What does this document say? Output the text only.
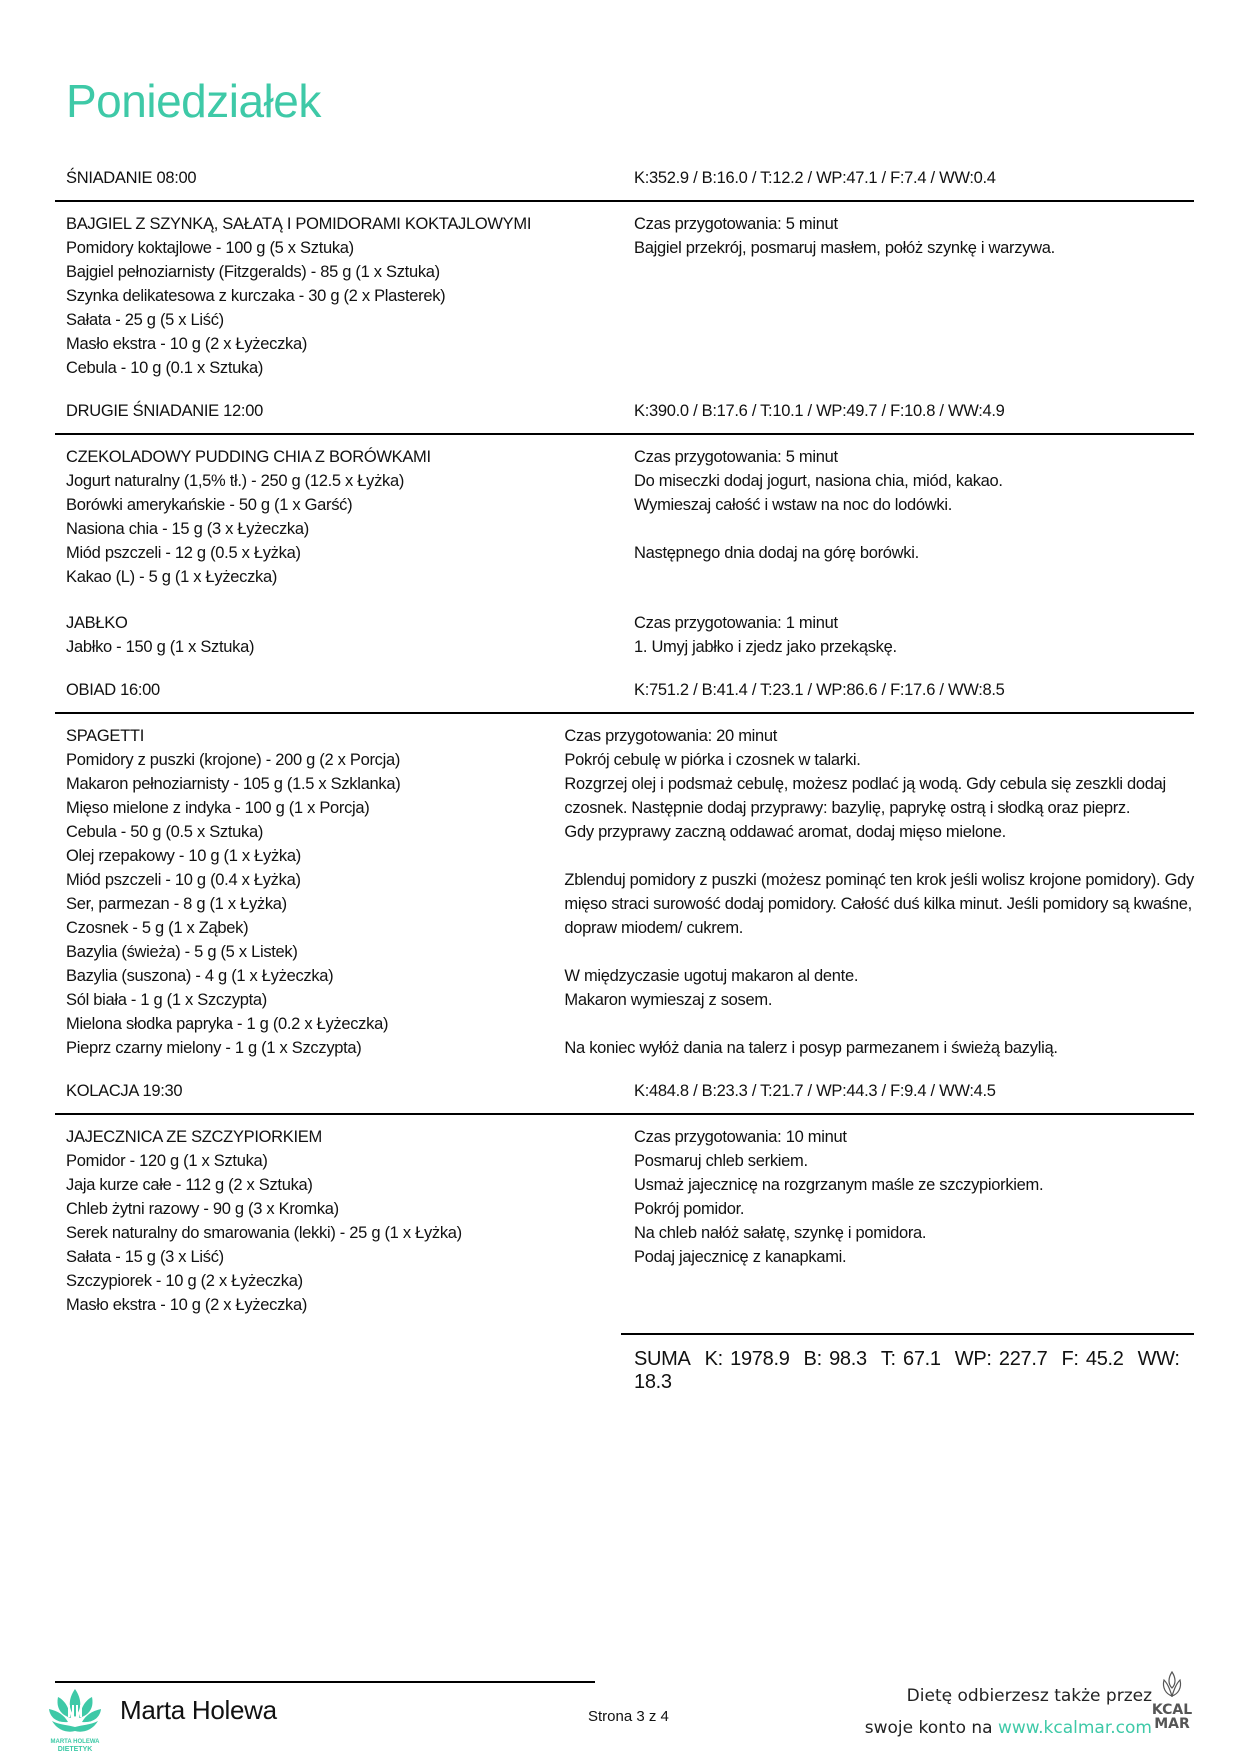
Poniedziałek
ŚNIADANIE 08:00	K:352.9 / B:16.0 / T:12.2 / WP:47.1 / F:7.4 / WW:0.4
BAJGIEL Z SZYNKĄ, SAŁATĄ I POMIDORAMI KOKTAJLOWYMI
Pomidory koktajlowe - 100 g (5 x Sztuka)
Bajgiel pełnoziarnisty (Fitzgeralds) - 85 g (1 x Sztuka)
Szynka delikatesowa z kurczaka - 30 g (2 x Plasterek)
Sałata - 25 g (5 x Liść)
Masło ekstra - 10 g (2 x Łyżeczka)
Cebula - 10 g (0.1 x Sztuka)
Czas przygotowania: 5 minut
Bajgiel przekrój, posmaruj masłem, połóż szynkę i warzywa.
DRUGIE ŚNIADANIE 12:00	K:390.0 / B:17.6 / T:10.1 / WP:49.7 / F:10.8 / WW:4.9
CZEKOLADOWY PUDDING CHIA Z BORÓWKAMI
Jogurt naturalny (1,5% tł.) - 250 g (12.5 x Łyżka)
Borówki amerykańskie - 50 g (1 x Garść)
Nasiona chia - 15 g (3 x Łyżeczka)
Miód pszczeli - 12 g (0.5 x Łyżka)
Kakao (L) - 5 g (1 x Łyżeczka)
Czas przygotowania: 5 minut
Do miseczki dodaj jogurt, nasiona chia, miód, kakao.
Wymieszaj całość i wstaw na noc do lodówki.
Następnego dnia dodaj na górę borówki.
JABŁKO
Jabłko - 150 g (1 x Sztuka)
Czas przygotowania: 1 minut
1. Umyj jabłko i zjedz jako przekąskę.
OBIAD 16:00	K:751.2 / B:41.4 / T:23.1 / WP:86.6 / F:17.6 / WW:8.5
SPAGETTI
Pomidory z puszki (krojone) - 200 g (2 x Porcja)
Makaron pełnoziarnisty - 105 g (1.5 x Szklanka)
Mięso mielone z indyka - 100 g (1 x Porcja)
Cebula - 50 g (0.5 x Sztuka)
Olej rzepakowy - 10 g (1 x Łyżka)
Miód pszczeli - 10 g (0.4 x Łyżka)
Ser, parmezan - 8 g (1 x Łyżka)
Czosnek - 5 g (1 x Ząbek)
Bazylia (świeża) - 5 g (5 x Listek)
Bazylia (suszona) - 4 g (1 x Łyżeczka)
Sól biała - 1 g (1 x Szczypta)
Mielona słodka papryka - 1 g (0.2 x Łyżeczka)
Pieprz czarny mielony - 1 g (1 x Szczypta)
Czas przygotowania: 20 minut
Pokrój cebulę w piórka i czosnek w talarki.
Rozgrzej olej i podsmaż cebulę, możesz podlać ją wodą. Gdy cebula się zeszkli dodaj
czosnek. Następnie dodaj przyprawy: bazylię, paprykę ostrą i słodką oraz pieprz.
Gdy przyprawy zaczną oddawać aromat, dodaj mięso mielone.
Zblenduj pomidory z puszki (możesz pominąć ten krok jeśli wolisz krojone pomidory). Gdy
mięso straci surowość dodaj pomidory. Całość duś kilka minut. Jeśli pomidory są kwaśne,
dopraw miodem/ cukrem.
W międzyczasie ugotuj makaron al dente.
Makaron wymieszaj z sosem.
Na koniec wyłóż dania na talerz i posyp parmezanem i świeżą bazylią.
KOLACJA 19:30	K:484.8 / B:23.3 / T:21.7 / WP:44.3 / F:9.4 / WW:4.5
JAJECZNICA ZE SZCZYPIORKIEM
Pomidor - 120 g (1 x Sztuka)
Jaja kurze całe - 112 g (2 x Sztuka)
Chleb żytni razowy - 90 g (3 x Kromka)
Serek naturalny do smarowania (lekki) - 25 g (1 x Łyżka)
Sałata - 15 g (3 x Liść)
Szczypiorek - 10 g (2 x Łyżeczka)
Masło ekstra - 10 g (2 x Łyżeczka)
Czas przygotowania: 10 minut
Posmaruj chleb serkiem.
Usmaż jajecznicę na rozgrzanym maśle ze szczypiorkiem.
Pokrój pomidor.
Na chleb nałóż sałatę, szynkę i pomidora.
Podaj jajecznicę z kanapkami.
SUMA K: 1978.9 B: 98.3 T: 67.1 WP: 227.7 F: 45.2 WW: 18.3
MARTA HOLEWA
DIETETYK
Marta Holewa	Strona 3 z 4
Dietę odbierzesz także przez
swoje konto na www.kcalmar.com
KCAL
MAR
